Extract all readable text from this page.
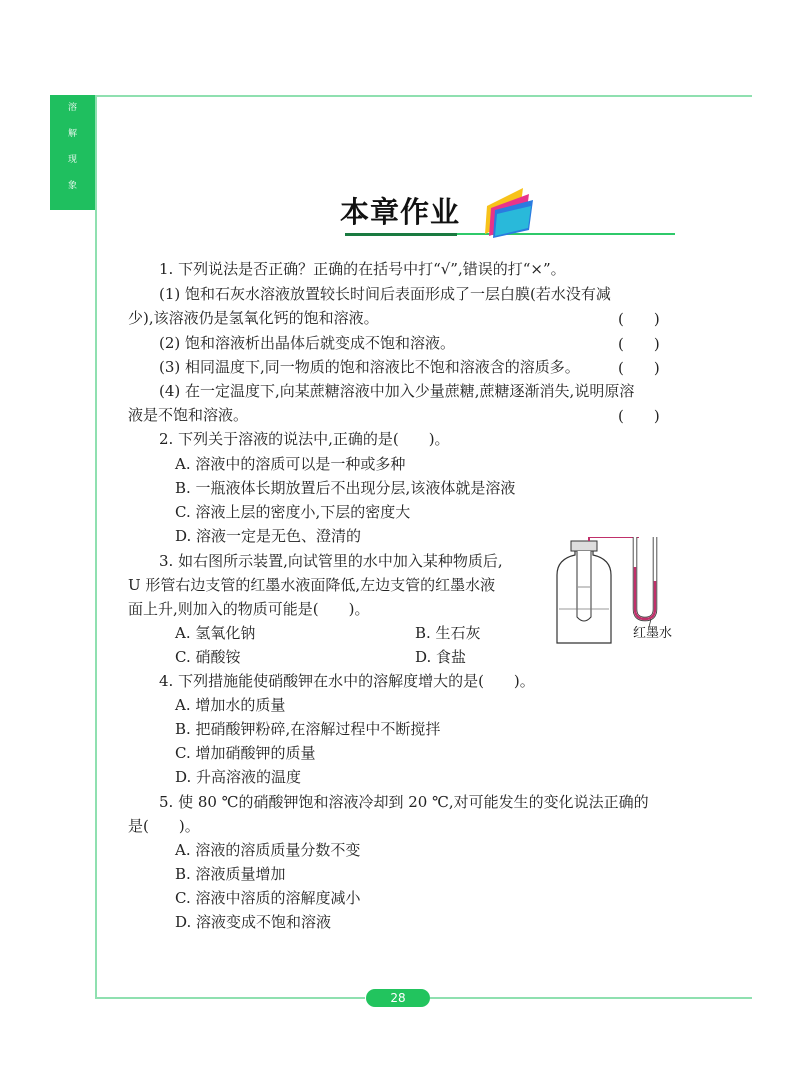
溶
解
现
象
本章作业
1. 下列说法是否正确？正确的在括号中打“√”,错误的打“×”。
(1) 饱和石灰水溶液放置较长时间后表面形成了一层白膜(若水没有减
少),该溶液仍是氢氧化钙的饱和溶液。	(　　)
(2) 饱和溶液析出晶体后就变成不饱和溶液。	(　　)
(3) 相同温度下,同一物质的饱和溶液比不饱和溶液含的溶质多。	(　　)
(4) 在一定温度下,向某蔗糖溶液中加入少量蔗糖,蔗糖逐渐消失,说明原溶
液是不饱和溶液。	(　　)
2. 下列关于溶液的说法中,正确的是(　　)。
A. 溶液中的溶质可以是一种或多种
B. 一瓶液体长期放置后不出现分层,该液体就是溶液
C. 溶液上层的密度小,下层的密度大
D. 溶液一定是无色、澄清的
3. 如右图所示装置,向试管里的水中加入某种物质后,
U 形管右边支管的红墨水液面降低,左边支管的红墨水液
面上升,则加入的物质可能是(　　)。
A. 氢氧化钠	B. 生石灰
C. 硝酸铵	D. 食盐
红墨水
4. 下列措施能使硝酸钾在水中的溶解度增大的是(　　)。
A. 增加水的质量
B. 把硝酸钾粉碎,在溶解过程中不断搅拌
C. 增加硝酸钾的质量
D. 升高溶液的温度
5. 使 80 ℃的硝酸钾饱和溶液冷却到 20 ℃,对可能发生的变化说法正确的
是(　　)。
A. 溶液的溶质质量分数不变
B. 溶液质量增加
C. 溶液中溶质的溶解度减小
D. 溶液变成不饱和溶液
28
